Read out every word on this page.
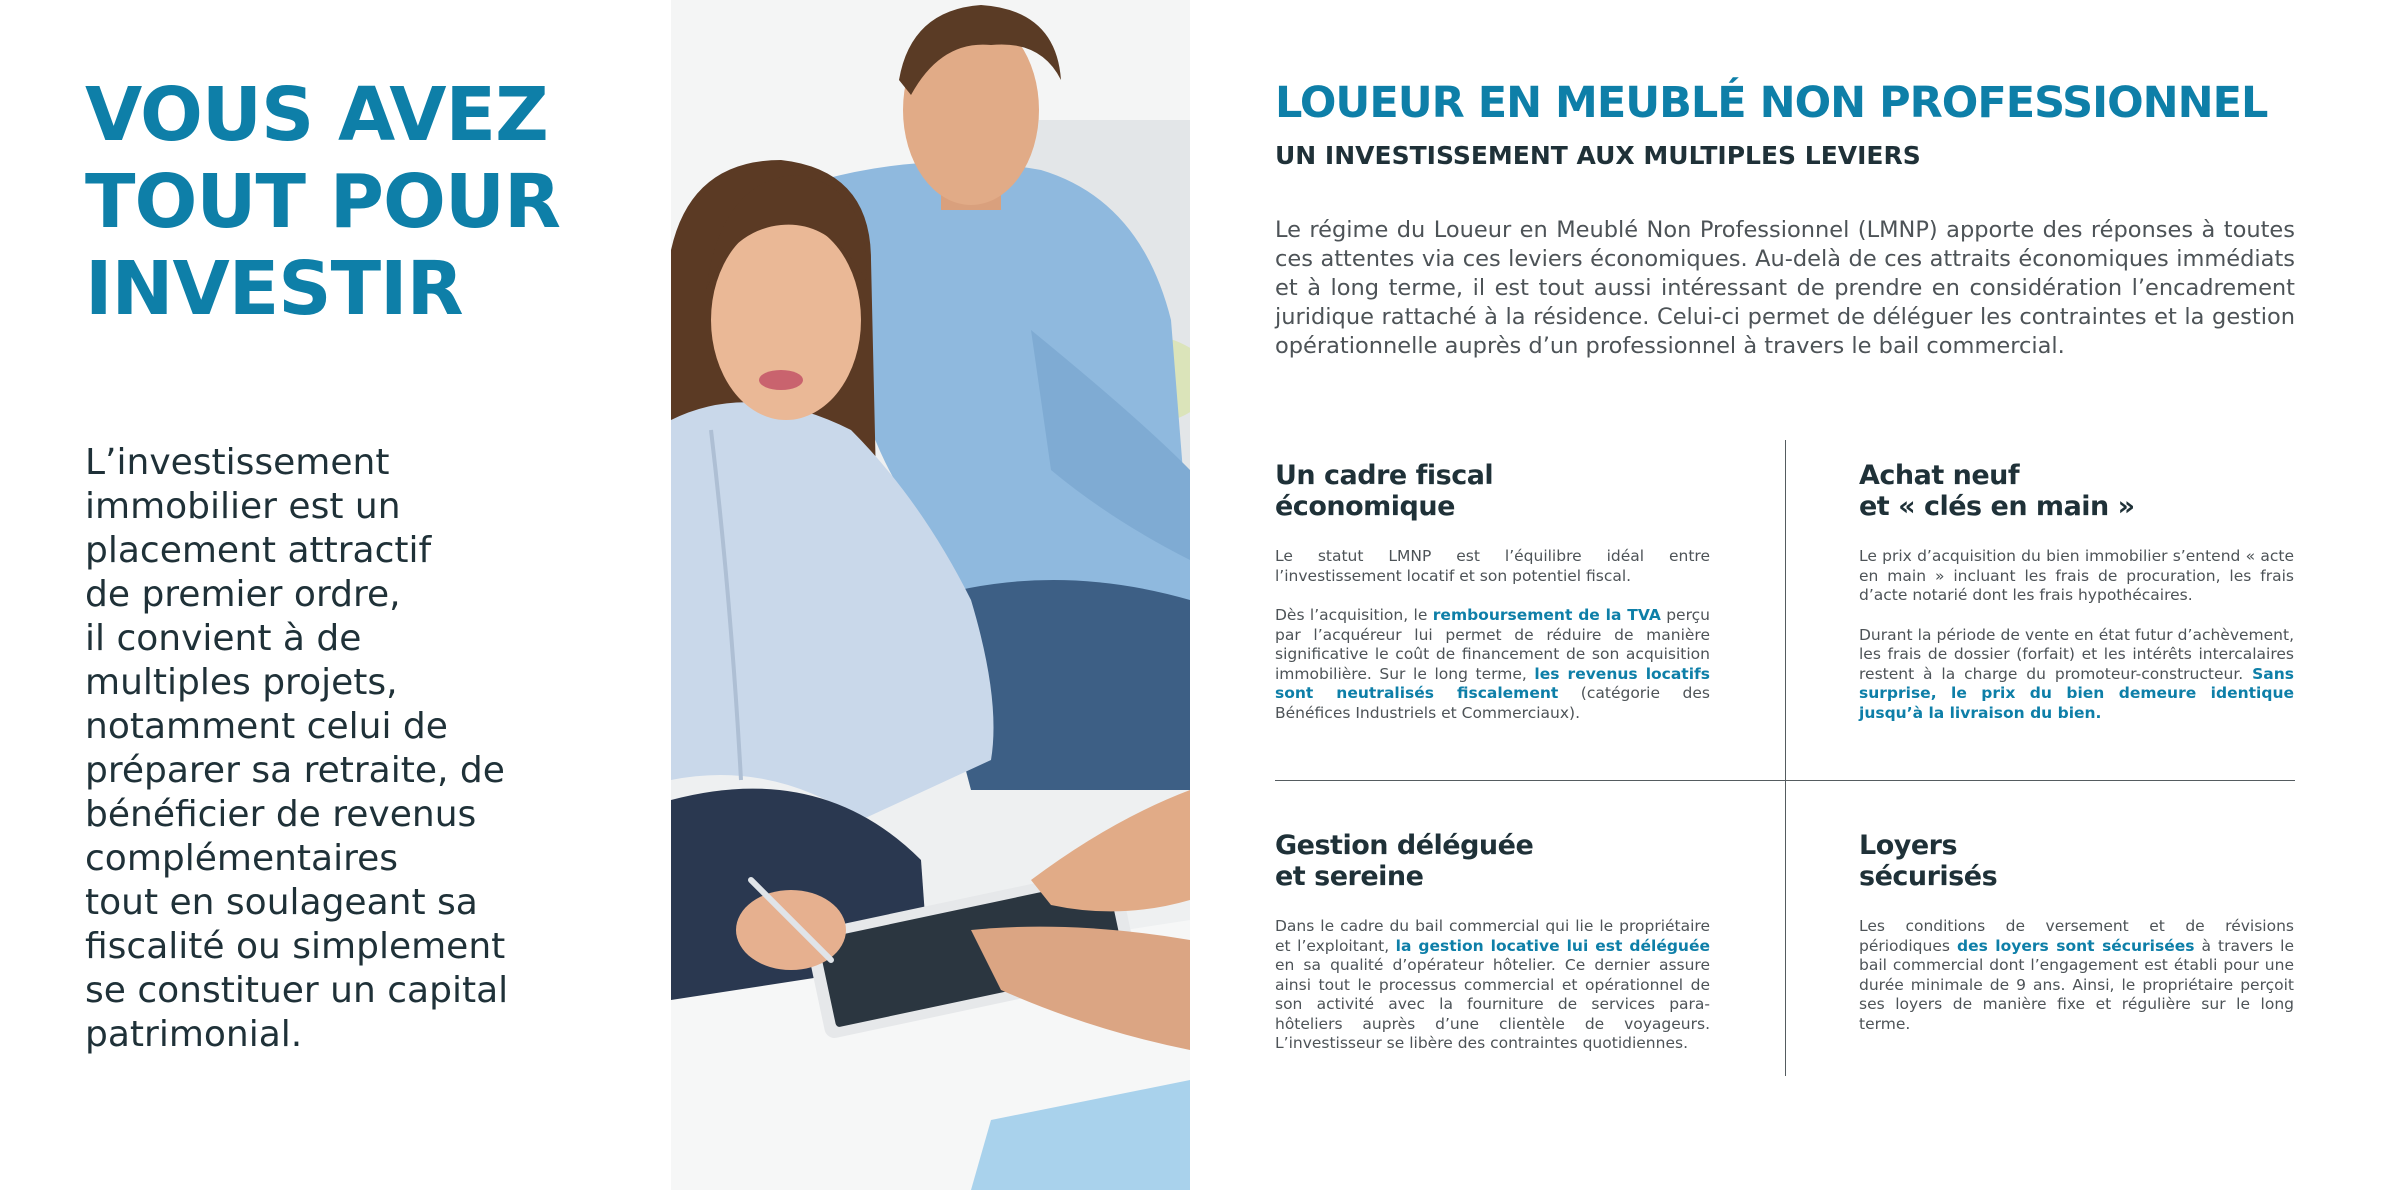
VOUS AVEZ
TOUT POUR
INVESTIR

L’investissement
immobilier est un
placement attractif
de premier ordre,
il convient à de
multiples projets,
notamment celui de
préparer sa retraite, de
bénéficier de revenus
complémentaires
tout en soulageant sa
fiscalité ou simplement
se constituer un capital
patrimonial.

LOUEUR EN MEUBLÉ NON PROFESSIONNEL
UN INVESTISSEMENT AUX MULTIPLES LEVIERS

Le régime du Loueur en Meublé Non Professionnel (LMNP) apporte des réponses à toutes ces attentes via ces leviers économiques. Au-delà de ces attraits économiques immédiats et à long terme, il est tout aussi intéressant de prendre en considération l’encadrement juridique rattaché à la résidence. Celui-ci permet de déléguer les contraintes et la gestion opérationnelle auprès d’un professionnel à travers le bail commercial.

Un cadre fiscal
économique

Le statut LMNP est l’équilibre idéal entre l’investissement locatif et son potentiel fiscal.

Dès l’acquisition, le remboursement de la TVA perçu par l’acquéreur lui permet de réduire de manière significative le coût de financement de son acquisition immobilière. Sur le long terme, les revenus locatifs sont neutralisés fiscalement (catégorie des Bénéfices Industriels et Commerciaux).

Achat neuf
et « clés en main »

Le prix d’acquisition du bien immobilier s’entend « acte en main » incluant les frais de procuration, les frais d’acte notarié dont les frais hypothécaires.

Durant la période de vente en état futur d’achèvement, les frais de dossier (forfait) et les intérêts intercalaires restent à la charge du promoteur-constructeur. Sans surprise, le prix du bien demeure identique jusqu’à la livraison du bien.

Gestion déléguée
et sereine

Dans le cadre du bail commercial qui lie le propriétaire et l’exploitant, la gestion locative lui est déléguée en sa qualité d’opérateur hôtelier. Ce dernier assure ainsi tout le processus commercial et opérationnel de son activité avec la fourniture de services para-hôteliers auprès d’une clientèle de voyageurs. L’investisseur se libère des contraintes quotidiennes.

Loyers
sécurisés

Les conditions de versement et de révisions périodiques des loyers sont sécurisées à travers le bail commercial dont l’engagement est établi pour une durée minimale de 9 ans. Ainsi, le propriétaire perçoit ses loyers de manière fixe et régulière sur le long terme.
